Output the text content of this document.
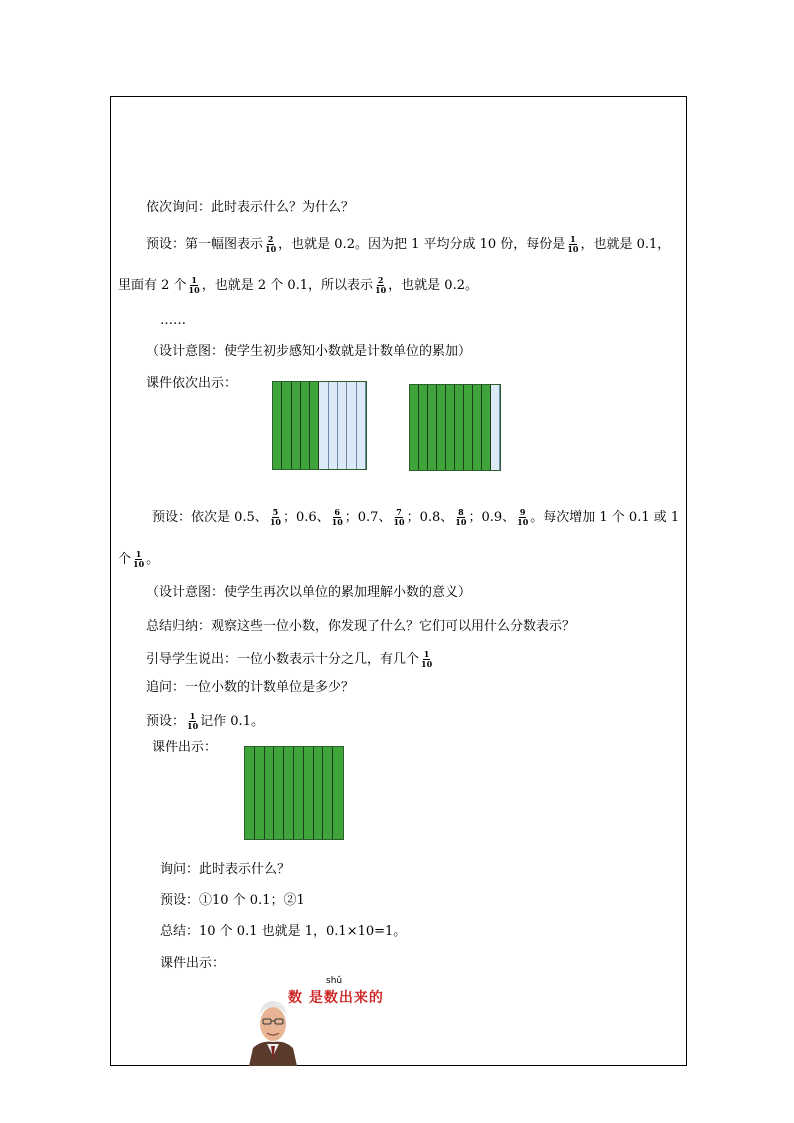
依次询问：此时表示什么？为什么？
预设：第一幅图表示 $\frac{2}{10}$ ，也就是 0.2。因为把 1 平均分成 10 份，每份是 $\frac{1}{10}$ ，也就是 0.1，
里面有 2 个 $\frac{1}{10}$ ，也就是 2 个 0.1，所以表示 $\frac{2}{10}$ ，也就是 0.2。
……
（设计意图：使学生初步感知小数就是计数单位的累加）
课件依次出示：
预设：依次是 0.5、 $\frac{5}{10}$ ；0.6、 $\frac{6}{10}$ ；0.7、 $\frac{7}{10}$ ；0.8、 $\frac{8}{10}$ ；0.9、 $\frac{9}{10}$ 。每次增加 1 个 0.1 或 1
个 $\frac{1}{10}$ 。
（设计意图：使学生再次以单位的累加理解小数的意义）
总结归纳：观察这些一位小数，你发现了什么？它们可以用什么分数表示？
引导学生说出：一位小数表示十分之几，有几个 $\frac{1}{10}$
追问：一位小数的计数单位是多少？
预设： $\frac{1}{10}$ 记作 0.1。
课件出示：
询问：此时表示什么？
预设：①10 个 0.1；②1
总结：10 个 0.1 也就是 1，0.1×10=1。
课件出示：
shǔ
数 是数出来的
